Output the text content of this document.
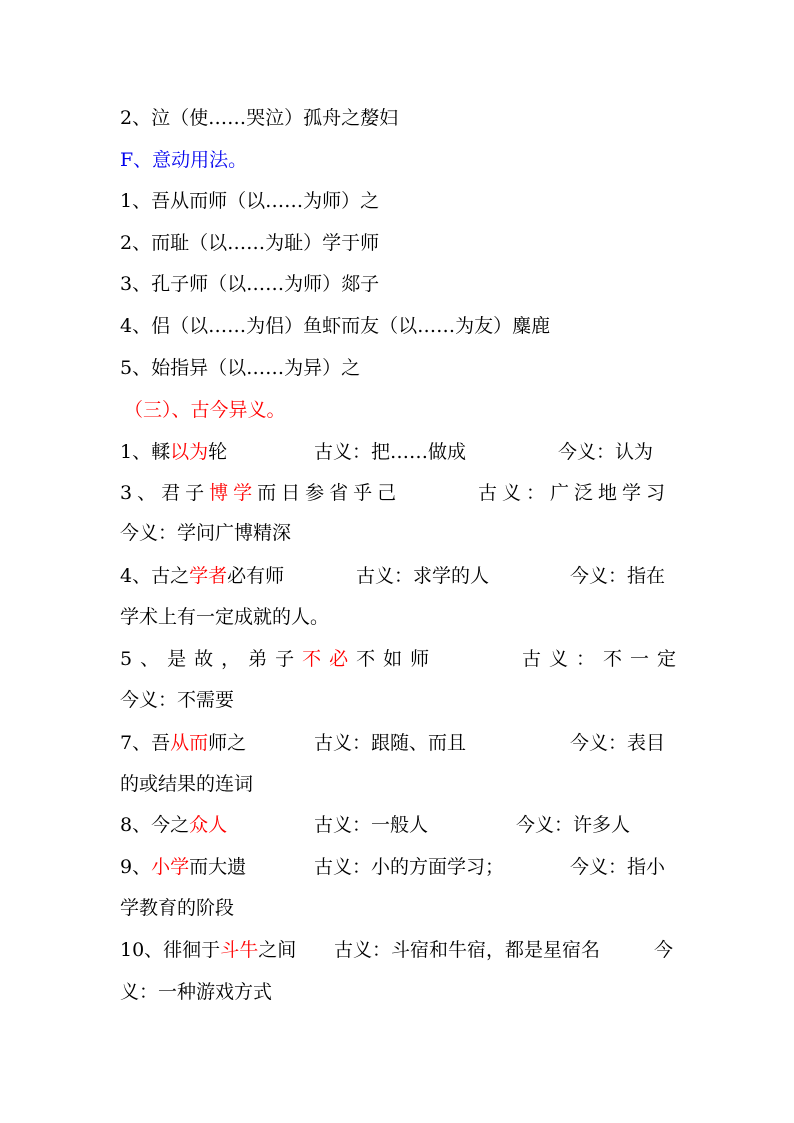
2、泣（使……哭泣）孤舟之嫠妇
F、意动用法。
1、吾从而师（以……为师）之
2、而耻（以……为耻）学于师
3、孔子师（以……为师）郯子
4、侣（以……为侣）鱼虾而友（以……为友）麋鹿
5、始指异（以……为异）之
（三）、古今异义。
1、輮以为轮	古义：把……做成	今义：认为
3、君子博学而日参省乎己	古义：广泛地学习
今义：学问广博精深
4、古之学者必有师	古义：求学的人	今义：指在
学术上有一定成就的人。
5、是故，弟子不必不如师	古义：不一定
今义：不需要
7、吾从而师之	古义：跟随、而且	今义：表目
的或结果的连词
8、今之众人	古义：一般人	今义：许多人
9、小学而大遗	古义：小的方面学习；	今义：指小
学教育的阶段
10、徘徊于斗牛之间 古义：斗宿和牛宿，都是星宿名	今
义：一种游戏方式
